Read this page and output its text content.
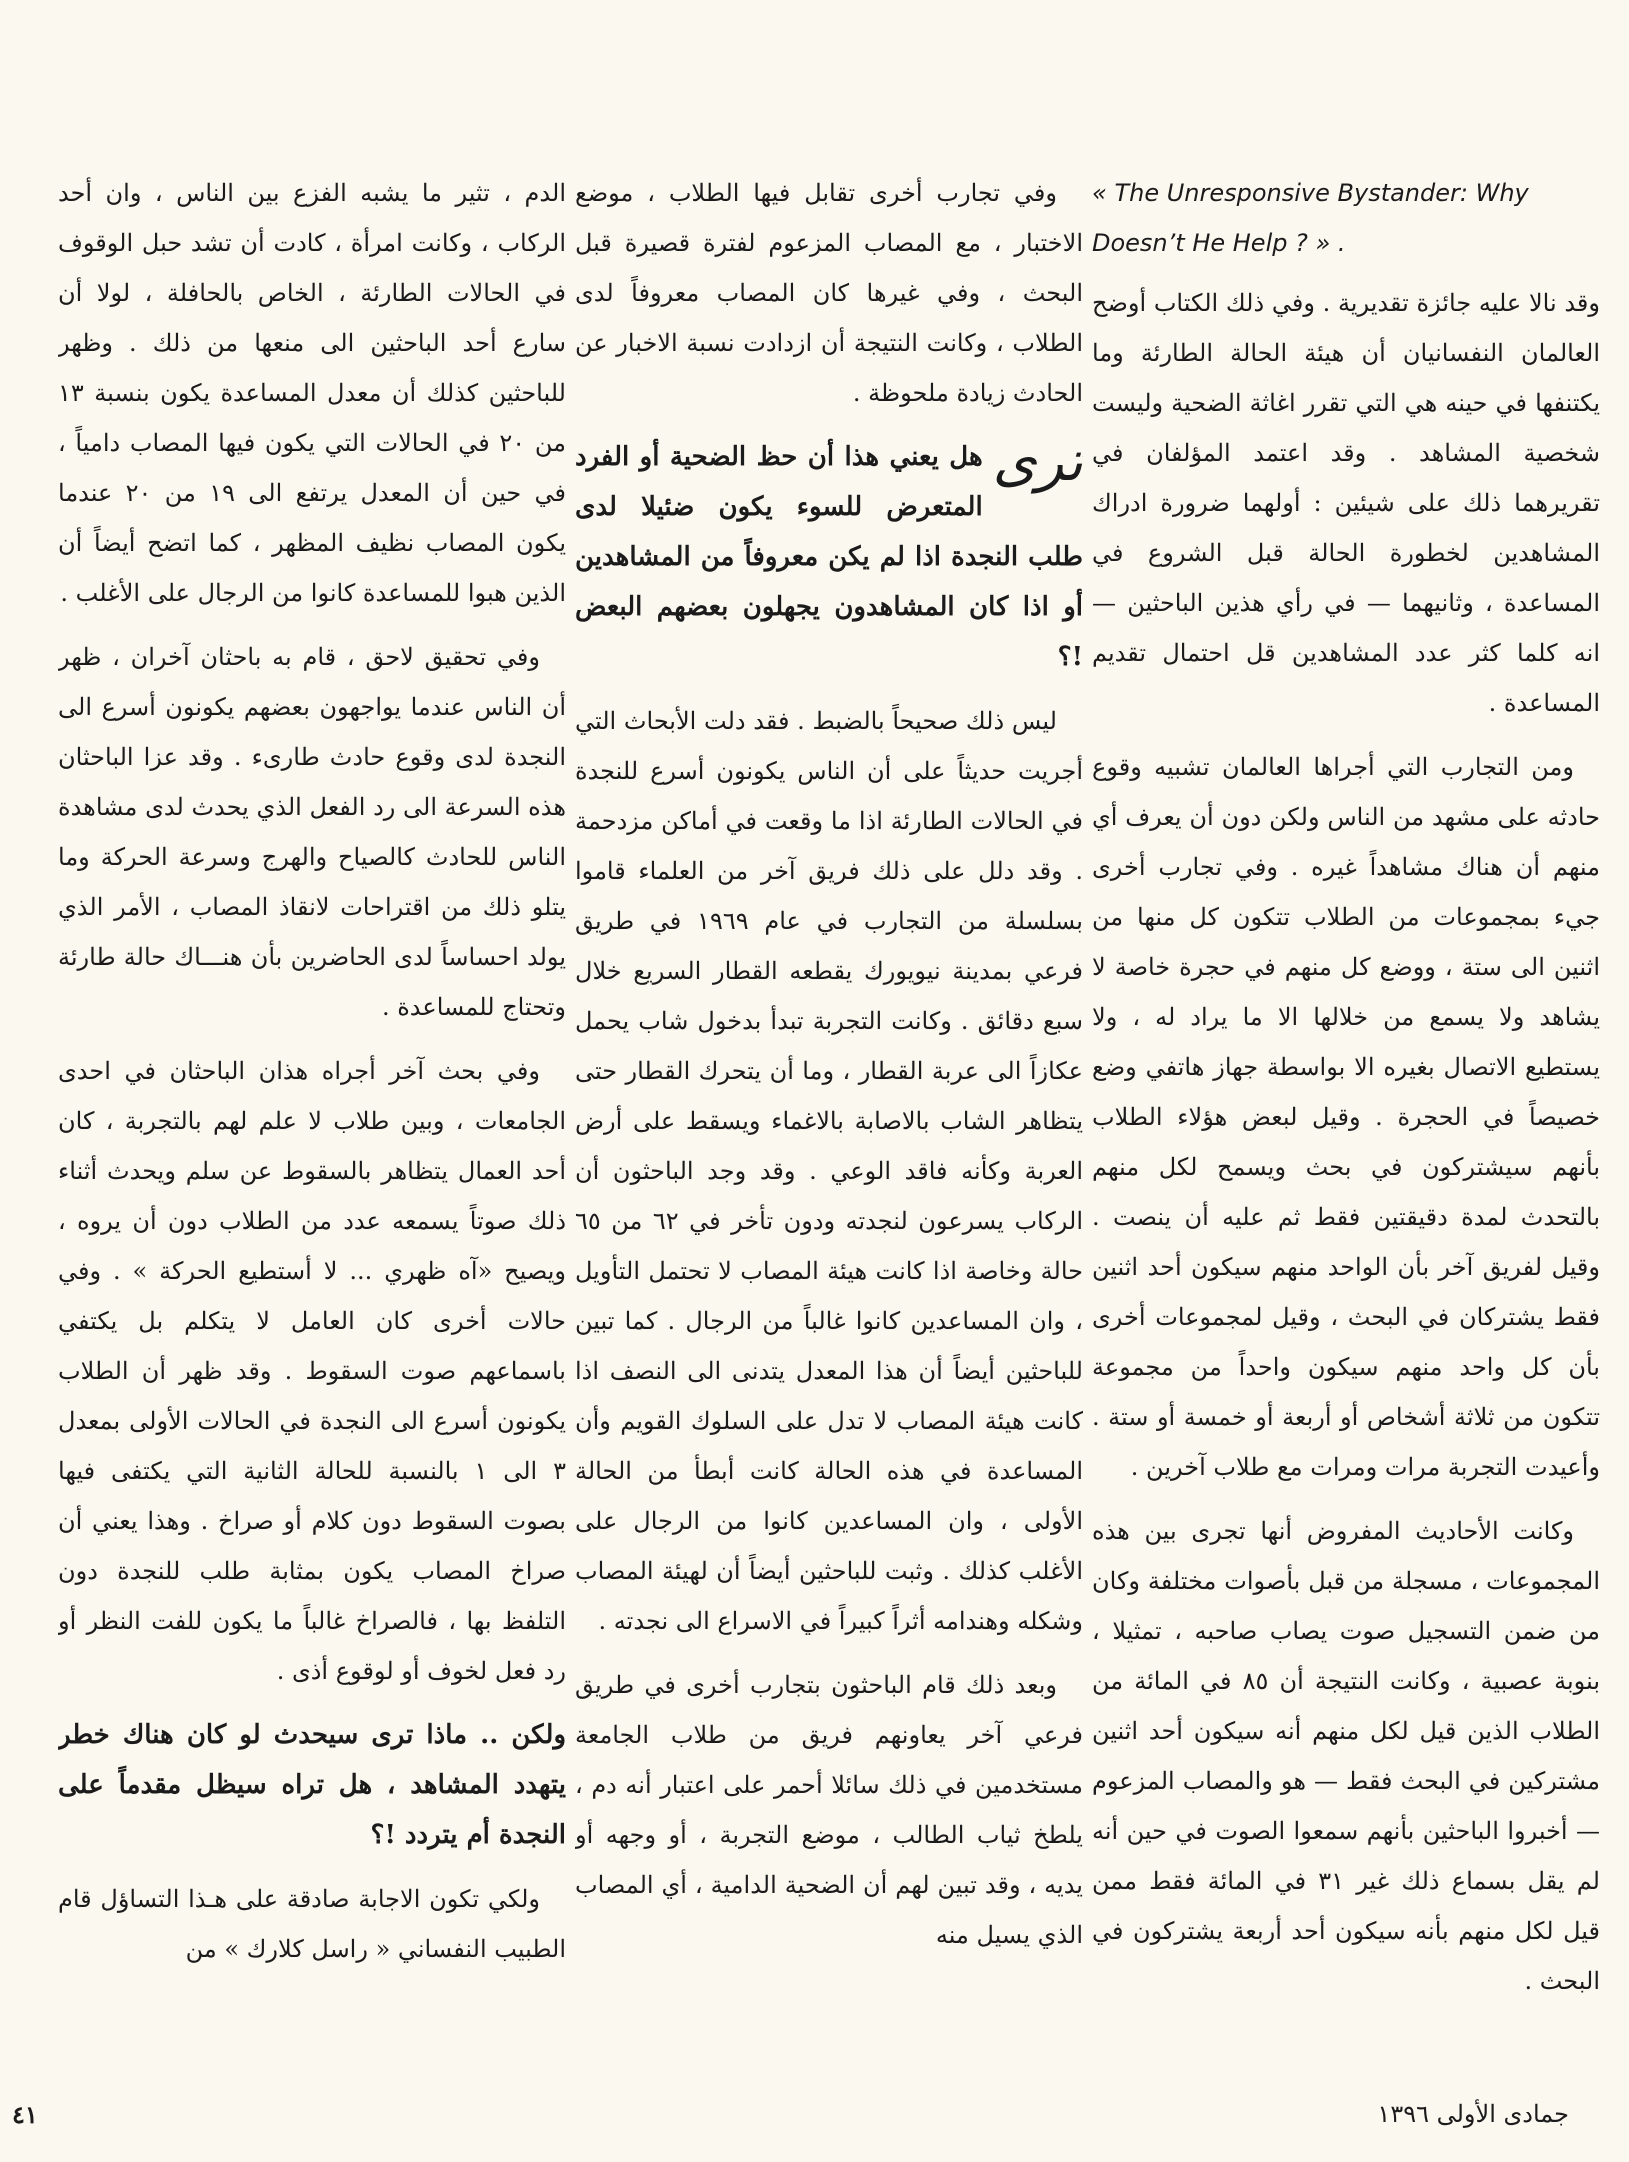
« The Unresponsive Bystander: Why Doesn’t He Help ? » .

وقد نالا عليه جائزة تقديرية . وفي ذلك الكتاب أوضح العالمان النفسانيان أن هيئة الحالة الطارئة وما يكتنفها في حينه هي التي تقرر اغاثة الضحية وليست شخصية المشاهد . وقد اعتمد المؤلفان في تقريرهما ذلك على شيئين : أولهما ضرورة ادراك المشاهدين لخطورة الحالة قبل الشروع في المساعدة ، وثانيهما — في رأي هذين الباحثين — انه كلما كثر عدد المشاهدين قل احتمال تقديم المساعدة .

ومن التجارب التي أجراها العالمان تشبيه وقوع حادثه على مشهد من الناس ولكن دون أن يعرف أي منهم أن هناك مشاهداً غيره . وفي تجارب أخرى جيء بمجموعات من الطلاب تتكون كل منها من اثنين الى ستة ، ووضع كل منهم في حجرة خاصة لا يشاهد ولا يسمع من خلالها الا ما يراد له ، ولا يستطيع الاتصال بغيره الا بواسطة جهاز هاتفي وضع خصيصاً في الحجرة . وقيل لبعض هؤلاء الطلاب بأنهم سيشتركون في بحث ويسمح لكل منهم بالتحدث لمدة دقيقتين فقط ثم عليه أن ينصت . وقيل لفريق آخر بأن الواحد منهم سيكون أحد اثنين فقط يشتركان في البحث ، وقيل لمجموعات أخرى بأن كل واحد منهم سيكون واحداً من مجموعة تتكون من ثلاثة أشخاص أو أربعة أو خمسة أو ستة . وأعيدت التجربة مرات ومرات مع طلاب آخرين .

وكانت الأحاديث المفروض أنها تجرى بين هذه المجموعات ، مسجلة من قبل بأصوات مختلفة وكان من ضمن التسجيل صوت يصاب صاحبه ، تمثيلا ، بنوبة عصبية ، وكانت النتيجة أن ٨٥ في المائة من الطلاب الذين قيل لكل منهم أنه سيكون أحد اثنين مشتركين في البحث فقط — هو والمصاب المزعوم — أخبروا الباحثين بأنهم سمعوا الصوت في حين أنه لم يقل بسماع ذلك غير ٣١ في المائة فقط ممن قيل لكل منهم بأنه سيكون أحد أربعة يشتركون في البحث .

وفي تجارب أخرى تقابل فيها الطلاب ، موضع الاختبار ، مع المصاب المزعوم لفترة قصيرة قبل البحث ، وفي غيرها كان المصاب معروفاً لدى الطلاب ، وكانت النتيجة أن ازدادت نسبة الاخبار عن الحادث زيادة ملحوظة .

ترى
هل يعني هذا أن حظ الضحية أو الفرد المتعرض للسوء يكون ضئيلا لدى طلب النجدة اذا لم يكن معروفاً من المشاهدين أو اذا كان المشاهدون يجهلون بعضهم البعض !؟

ليس ذلك صحيحاً بالضبط . فقد دلت الأبحاث التي أجريت حديثاً على أن الناس يكونون أسرع للنجدة في الحالات الطارئة اذا ما وقعت في أماكن مزدحمة . وقد دلل على ذلك فريق آخر من العلماء قاموا بسلسلة من التجارب في عام ١٩٦٩ في طريق فرعي بمدينة نيويورك يقطعه القطار السريع خلال سبع دقائق . وكانت التجربة تبدأ بدخول شاب يحمل عكازاً الى عربة القطار ، وما أن يتحرك القطار حتى يتظاهر الشاب بالاصابة بالاغماء ويسقط على أرض العربة وكأنه فاقد الوعي . وقد وجد الباحثون أن الركاب يسرعون لنجدته ودون تأخر في ٦٢ من ٦٥ حالة وخاصة اذا كانت هيئة المصاب لا تحتمل التأويل ، وان المساعدين كانوا غالباً من الرجال . كما تبين للباحثين أيضاً أن هذا المعدل يتدنى الى النصف اذا كانت هيئة المصاب لا تدل على السلوك القويم وأن المساعدة في هذه الحالة كانت أبطأ من الحالة الأولى ، وان المساعدين كانوا من الرجال على الأغلب كذلك . وثبت للباحثين أيضاً أن لهيئة المصاب وشكله وهندامه أثراً كبيراً في الاسراع الى نجدته .

وبعد ذلك قام الباحثون بتجارب أخرى في طريق فرعي آخر يعاونهم فريق من طلاب الجامعة مستخدمين في ذلك سائلا أحمر على اعتبار أنه دم ، يلطخ ثياب الطالب ، موضع التجربة ، أو وجهه أو يديه ، وقد تبين لهم أن الضحية الدامية ، أي المصاب الذي يسيل منه

الدم ، تثير ما يشبه الفزع بين الناس ، وان أحد الركاب ، وكانت امرأة ، كادت أن تشد حبل الوقوف في الحالات الطارئة ، الخاص بالحافلة ، لولا أن سارع أحد الباحثين الى منعها من ذلك . وظهر للباحثين كذلك أن معدل المساعدة يكون بنسبة ١٣ من ٢٠ في الحالات التي يكون فيها المصاب دامياً ، في حين أن المعدل يرتفع الى ١٩ من ٢٠ عندما يكون المصاب نظيف المظهر ، كما اتضح أيضاً أن الذين هبوا للمساعدة كانوا من الرجال على الأغلب .

وفي تحقيق لاحق ، قام به باحثان آخران ، ظهر أن الناس عندما يواجهون بعضهم يكونون أسرع الى النجدة لدى وقوع حادث طارىء . وقد عزا الباحثان هذه السرعة الى رد الفعل الذي يحدث لدى مشاهدة الناس للحادث كالصياح والهرج وسرعة الحركة وما يتلو ذلك من اقتراحات لانقاذ المصاب ، الأمر الذي يولد احساساً لدى الحاضرين بأن هنـــاك حالة طارئة وتحتاج للمساعدة .

وفي بحث آخر أجراه هذان الباحثان في احدى الجامعات ، وبين طلاب لا علم لهم بالتجربة ، كان أحد العمال يتظاهر بالسقوط عن سلم ويحدث أثناء ذلك صوتاً يسمعه عدد من الطلاب دون أن يروه ، ويصيح «آه ظهري ... لا أستطيع الحركة » . وفي حالات أخرى كان العامل لا يتكلم بل يكتفي باسماعهم صوت السقوط . وقد ظهر أن الطلاب يكونون أسرع الى النجدة في الحالات الأولى بمعدل ٣ الى ١ بالنسبة للحالة الثانية التي يكتفى فيها بصوت السقوط دون كلام أو صراخ . وهذا يعني أن صراخ المصاب يكون بمثابة طلب للنجدة دون التلفظ بها ، فالصراخ غالباً ما يكون للفت النظر أو رد فعل لخوف أو لوقوع أذى .

ولكن .. ماذا ترى سيحدث لو كان هناك خطر يتهدد المشاهد ، هل تراه سيظل مقدماً على النجدة أم يتردد !؟

ولكي تكون الاجابة صادقة على هـذا التساؤل قام الطبيب النفساني « راسل كلارك » من

جمادى الأولى ١٣٩٦
٤١
